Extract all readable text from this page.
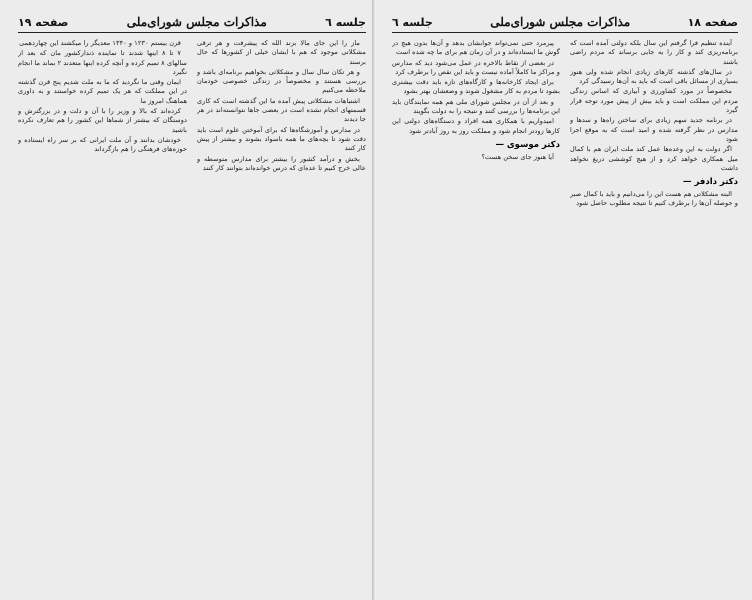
جلسه ٦
مذاکرات مجلس شورای‌ملی
صفحه ١٩

ماز را این جای مالا بزند الله که پیشرفت و هر ترقی مشکلاتی موجود که هم با ایشان خیلی از کشورها که حال برسند

و هر تکان سال سال و مشکلاتی بخواهیم برنامه‌ای باشد و بررسی هستند و مخصوصاً در زندگی خصوصی خودمان ملاحظه می‌کنیم

اشتباهات مشکلاتی پیش آمده ما این گذشته است که کاری قسمتهای انجام نشده است در بعضی جاها نتوانسته‌اند در هر جا دیدند

در مدارس و آموزشگاه‌ها که برای آموختن علوم است باید دقت شود تا بچه‌های ما همه باسواد بشوند و بیشتر از پیش کار کنند

بخش و درآمد کشور را بیشتر برای مدارس متوسطه و عالی خرج کنیم تا عده‌ای که درس خوانده‌اند بتوانند کار کنند

قرن بیستم ۱۲۳۰ و ۱۳۴۰ معدیگر را میکشند این چهاردهمی

۷ تا ۸ اینها شدند تا نماینده ذندارکشور مان که بعد از سالهای ۸ تمیم کرده و آنچه کرده اینها متعدند ۲ بماند ما انجام نگیرد

ایمان وقتی ما نگردید که ما به ملت شدیم پنج قرن گذشته در این مملکت که هر یک تمیم کرده خواستند و به داوری هماهنگ امروز ما

کرده‌اند که بالا و وزیر را با آن و دلت و در بزرگترش و دوستگان که بیشتر از شماها این کشور را هم تعارف نکرده باشید

خودشان بدانند و آن ملت ایرانی که بر سر راه ایستاده و حوزه‌های فرهنگی را هم بازگرداند

صفحه ١٨
مذاکرات مجلس شورای‌ملی
جلسه ٦

آینده تنظیم فرا گرفتم این سال بلکه دولتی آمده است که برنامه‌ریزی کند و کار را به جایی برساند که مردم راضی باشند

در سال‌های گذشته کارهای زیادی انجام شده ولی هنوز بسیاری از مسائل باقی است که باید به آن‌ها رسیدگی کرد

مخصوصاً در مورد کشاورزی و آبیاری که اساس زندگی مردم این مملکت است و باید بیش از پیش مورد توجه قرار گیرد

در برنامه جدید سهم زیادی برای ساختن راه‌ها و سدها و مدارس در نظر گرفته شده و امید است که به موقع اجرا شود

اگر دولت به این وعده‌ها عمل کند ملت ایران هم با کمال میل همکاری خواهد کرد و از هیچ کوششی دریغ نخواهد داشت

دکتر دادفر —

البته مشکلاتی هم هست این را می‌دانیم و باید با کمال صبر و حوصله آن‌ها را برطرف کنیم تا نتیجه مطلوب حاصل شود

پیرمرد حتی نمی‌تواند جوابشان بدهد و آن‌ها بدون هیچ در گوش ما ایستاده‌اند و در آن زمان هم برای ما چه شده است

در بعضی از نقاط بالاخره در عمل می‌شود دید که مدارس و مراکز ما کاملاً آماده نیست و باید این نقص را برطرف کرد

برای ایجاد کارخانه‌ها و کارگاه‌های تازه باید دقت بیشتری بشود تا مردم به کار مشغول شوند و وضعشان بهتر بشود

و بعد از آن در مجلس شورای ملی هم همه نمایندگان باید این برنامه‌ها را بررسی کنند و نتیجه را به دولت بگویند

امیدواریم با همکاری همه افراد و دستگاه‌های دولتی این کارها زودتر انجام شود و مملکت روز به روز آبادتر شود

دکتر موسوی —

آیا هنوز جای سخن هست؟
